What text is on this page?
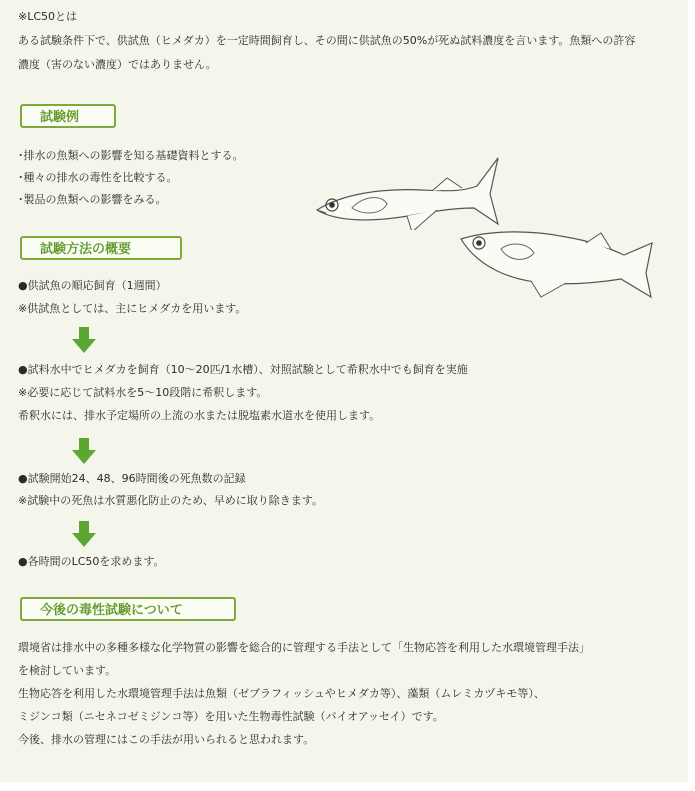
※LC50とは
ある試験条件下で、供試魚（ヒメダカ）を一定時間飼育し、その間に供試魚の50%が死ぬ試料濃度を言います。魚類への許容
濃度（害のない濃度）ではありません。
試験例
･排水の魚類への影響を知る基礎資料とする。
･種々の排水の毒性を比較する。
･製品の魚類への影響をみる。
試験方法の概要
●供試魚の順応飼育（1週間）
※供試魚としては、主にヒメダカを用います。
●試料水中でヒメダカを飼育（10～20匹/1水槽）、対照試験として希釈水中でも飼育を実施
※必要に応じて試料水を5～10段階に希釈します。
希釈水には、排水予定場所の上流の水または脱塩素水道水を使用します。
●試験開始24、48、96時間後の死魚数の記録
※試験中の死魚は水質悪化防止のため、早めに取り除きます。
●各時間のLC50を求めます。
今後の毒性試験について
環境省は排水中の多種多様な化学物質の影響を総合的に管理する手法として「生物応答を利用した水環境管理手法」
を検討しています。
生物応答を利用した水環境管理手法は魚類（ゼブラフィッシュやヒメダカ等）、藻類（ムレミカヅキモ等）、
ミジンコ類（ニセネコゼミジンコ等）を用いた生物毒性試験（バイオアッセイ）です。
今後、排水の管理にはこの手法が用いられると思われます。
